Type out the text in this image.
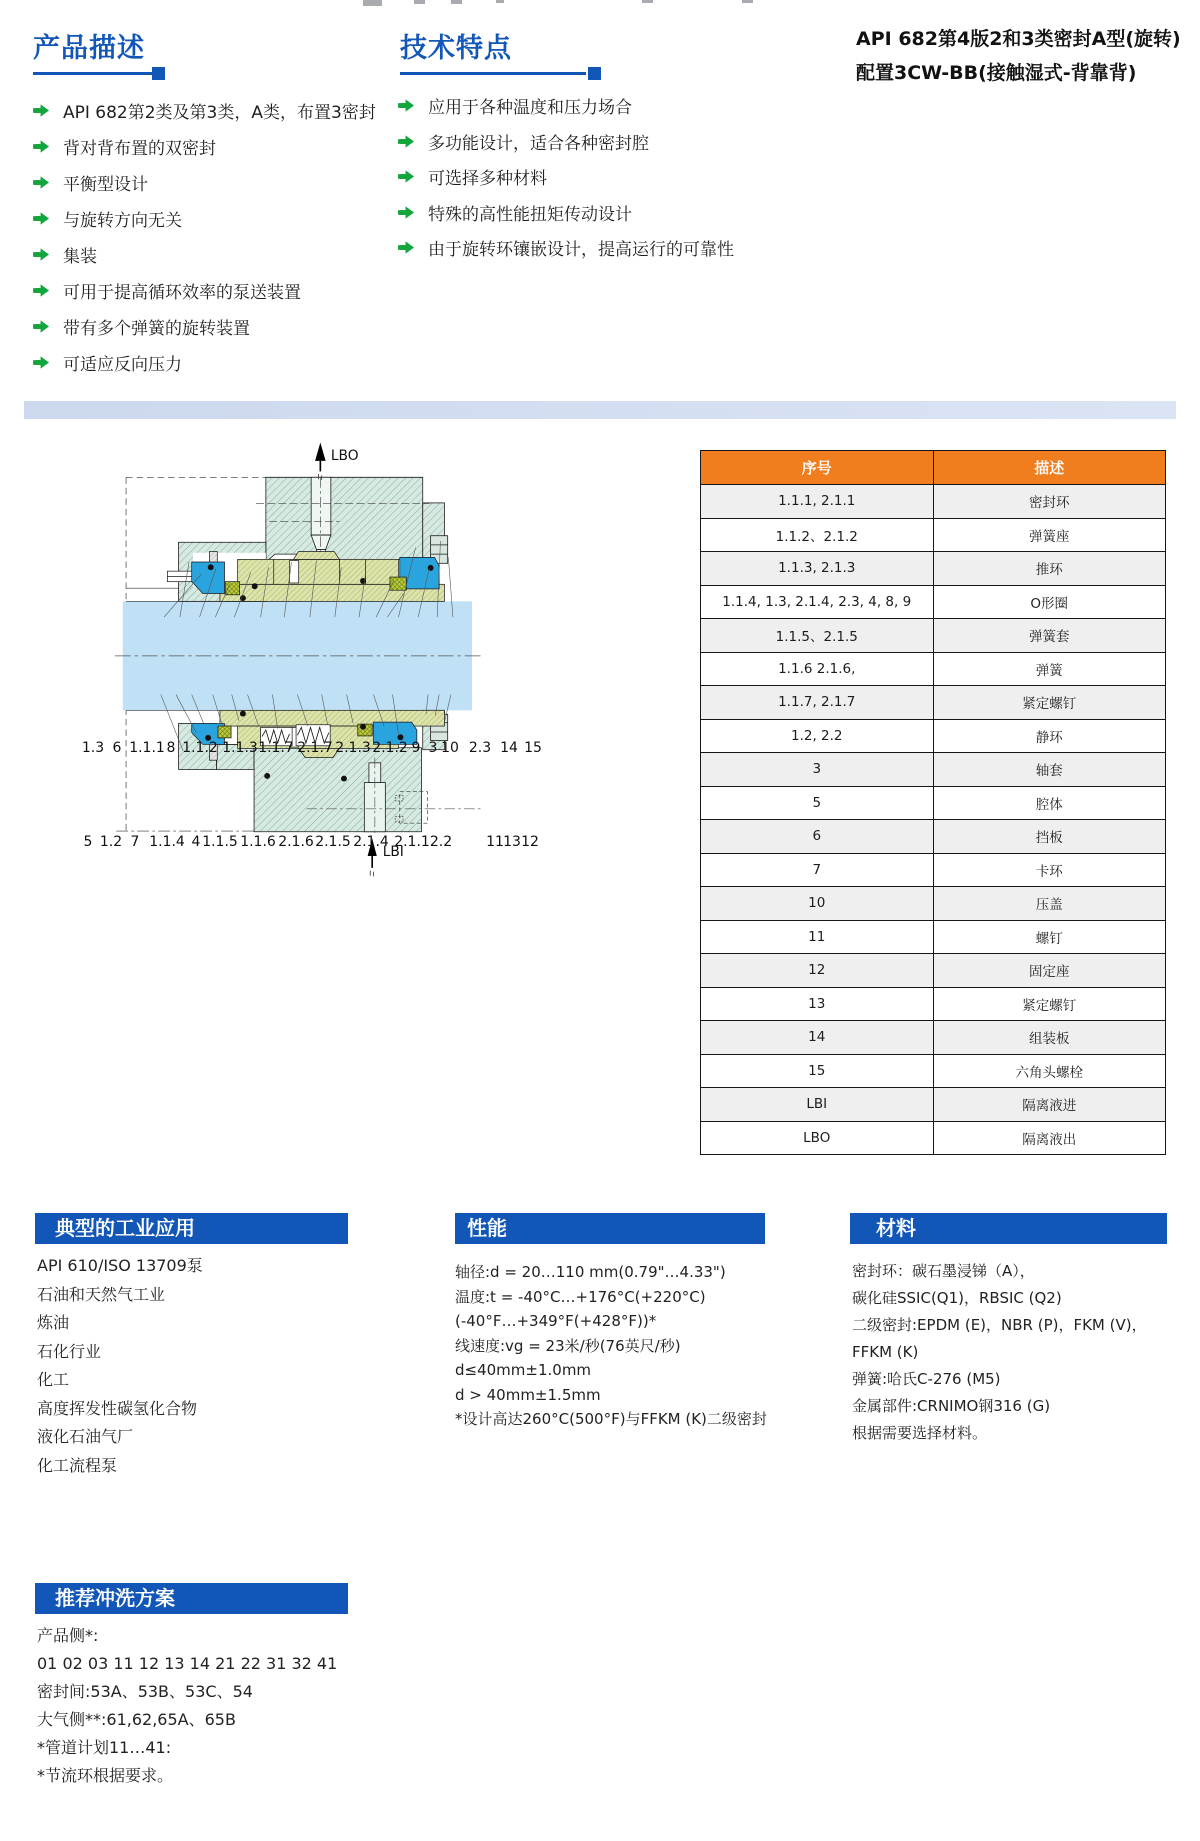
产品描述	技术特点	API 682第4版2和3类密封A型(旋转)
配置3CW-BB(接触湿式-背靠背)
API 682第2类及第3类，A类，布置3密封
背对背布置的双密封
平衡型设计
与旋转方向无关
集装
可用于提高循环效率的泵送装置
带有多个弹簧的旋转装置
可适应反向压力
应用于各种温度和压力场合
多功能设计，适合各种密封腔
可选择多种材料
特殊的高性能扭矩传动设计
由于旋转环镶嵌设计，提高运行的可靠性
LBO
LBI
1.3 6 1.1.1 8 1.1.2 1.1.3 1.1.7 2.1.7 2.1.3 2.1.2 9 3 10 2.3 14 15
5 1.2 7 1.1.4 4 1.1.5 1.1.6 2.1.6 2.1.5 2.1.4 2.1.1 2.2 11 13 12
序号	描述
1.1.1, 2.1.1	密封环
1.1.2、2.1.2	弹簧座
1.1.3, 2.1.3	推环
1.1.4, 1.3, 2.1.4, 2.3, 4, 8, 9	O形圈
1.1.5、2.1.5	弹簧套
1.1.6 2.1.6,	弹簧
1.1.7, 2.1.7	紧定螺钉
1.2, 2.2	静环
3	轴套
5	腔体
6	挡板
7	卡环
10	压盖
11	螺钉
12	固定座
13	紧定螺钉
14	组装板
15	六角头螺栓
LBI	隔离液进
LBO	隔离液出
典型的工业应用
API 610/ISO 13709泵
石油和天然气工业
炼油
石化行业
化工
高度挥发性碳氢化合物
液化石油气厂
化工流程泵
性能
轴径:d = 20…110 mm(0.79"…4.33")
温度:t = -40°C…+176°C(+220°C)
(-40°F…+349°F(+428°F))*
线速度:vg = 23米/秒(76英尺/秒)
d≤40mm±1.0mm
d > 40mm±1.5mm
*设计高达260°C(500°F)与FFKM (K)二级密封
材料
密封环：碳石墨浸锑（A），
碳化硅SSIC(Q1)，RBSIC (Q2)
二级密封:EPDM (E)，NBR (P)，FKM (V)，
FFKM (K)
弹簧:哈氏C-276 (M5)
金属部件:CRNIMO钢316 (G)
根据需要选择材料。
推荐冲洗方案
产品侧*:
01 02 03 11 12 13 14 21 22 31 32 41
密封间:53A、53B、53C、54
大气侧**:61,62,65A、65B
*管道计划11…41:
*节流环根据要求。
